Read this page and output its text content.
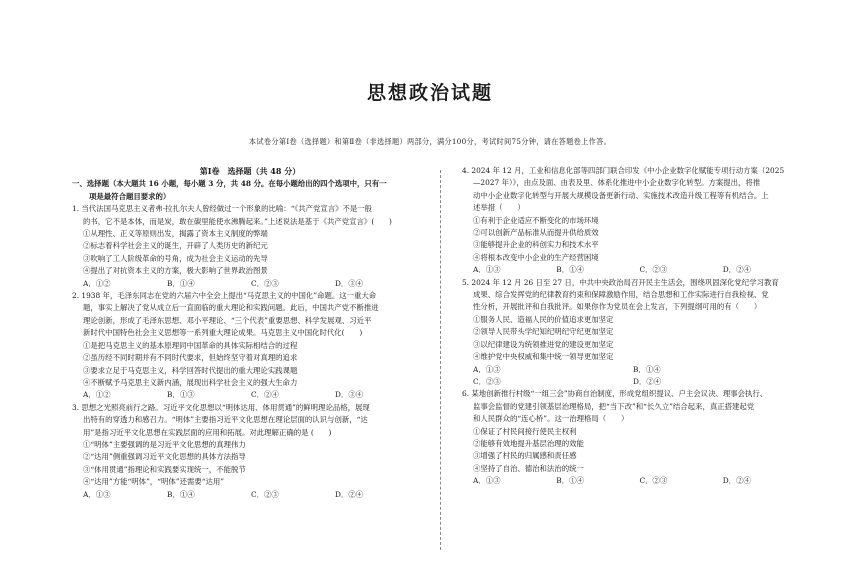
思想政治试题
本试卷分第Ⅰ卷（选择题）和第Ⅱ卷（非选择题）两部分，满分100分，考试时间75分钟，请在答题卷上作答。
第Ⅰ卷　选择题（共 48 分）
一、选择题（本大题共 16 小题，每小题 3 分，共 48 分。在每小题给出的四个选项中，只有一
项是最符合题目要求的）
1. 当代法国马克思主义者弗·拉扎尔夫人曾经做过一个形象的比喻：“《共产党宣言》不是一般
的书，它不是本体，而是炭，敢在碳里能使水沸腾起来。”上述说法是基于《共产党宣言》(　　)
①从理性、正义等原则出发，揭露了资本主义制度的弊端
②标志着科学社会主义的诞生，开辟了人类历史的新纪元
③吹响了工人阶级革命的号角，成为社会主义运动的先导
④提出了对抗资本主义的方案，极大影响了世界政治图景
A．①②	B．①④	C．②③	D．③④
2. 1938 年，毛泽东同志在党的六届六中全会上提出“马克思主义的中国化”命题。这一重大命
题，事实上解决了党从成立后一直面临的重大理论和实践问题。此后，中国共产党不断推进
理论创新，形成了毛泽东思想、邓小平理论、“三个代表”重要思想、科学发展观、习近平
新时代中国特色社会主义思想等一系列重大理论成果。马克思主义中国化时代化(　　)
①是把马克思主义的基本原理同中国革命的具体实际相结合的过程
②虽历经不同时期并有不同时代要求，但始终坚守着对真理的追求
③要求立足于马克思主义，科学回答时代提出的重大理论实践课题
④不断赋予马克思主义新内涵，展现出科学社会主义的强大生命力
A．①②	B．①③	C．②④	D．③④
3. 思想之光照亮前行之路。习近平文化思想以“明体达用、体用贯通”的鲜明理论品格，展现
出特有的穿透力和感召力。“明体”主要指习近平文化思想在理论层面的认识与创新，“达
用”是指习近平文化思想在实践层面的应用和拓展。对此理解正确的是 (　　)
①“明体”主要强调的是习近平文化思想的真理伟力
②“达用”侧重强调习近平文化思想的具体方法指导
③“体用贯通”指理论和实践要实现统一，不能脱节
④“达用”方能“明体”，“明体”还需要“达用”
A．①③	B．①④	C．②③	D．②④
4. 2024 年 12 月，工业和信息化部等四部门联合印发《中小企业数字化赋能专项行动方案（2025
—2027 年）》，由点及面、由表及里、体系化推进中小企业数字化转型。方案提出，将推
动中小企业数字化转型与开展大规模设备更新行动、实施技术改造升级工程等有机结合。上
述举措（　　）
①有利于企业适应不断变化的市场环境
②可以创新产品标准从而提升供给质效
③能够提升企业的科创实力和技术水平
④将根本改变中小企业的生产经营困境
A．①③	B．①④	C．②③	D．②④
5. 2024 年 12 月 26 日至 27 日，中共中央政治局召开民主生活会，围绕巩固深化党纪学习教育
成果、综合发挥党的纪律教育约束和保障激励作用，结合思想和工作实际进行自我检视、党
性分析，开展批评和自我批评。如果你作为党员在会上发言，下列提纲可用的有（　　）
①服务人民、造福人民的价值追求更加坚定
②领导人民带头学纪知纪明纪守纪更加坚定
③以纪律建设为统领推进党的建设更加坚定
④维护党中央权威和集中统一领导更加坚定
A．①③	B．①④
C．②③	D．②④
6. 某地创新推行村级“一组三会”协商自治制度，形成党组织提议、户主会议决、理事会执行、
监事会监督的党建引领基层治理格局，把“当下改”和“长久立”结合起来，真正搭建起党
和人民群众的“连心桥”。这一治理格局（　　）
①保证了村民间接行使民主权利
②能够有效地提升基层治理的效能
③增强了村民的归属感和责任感
④坚持了自治、德治和法治的统一
A．①③	B．①④	C．②③	D．②④
